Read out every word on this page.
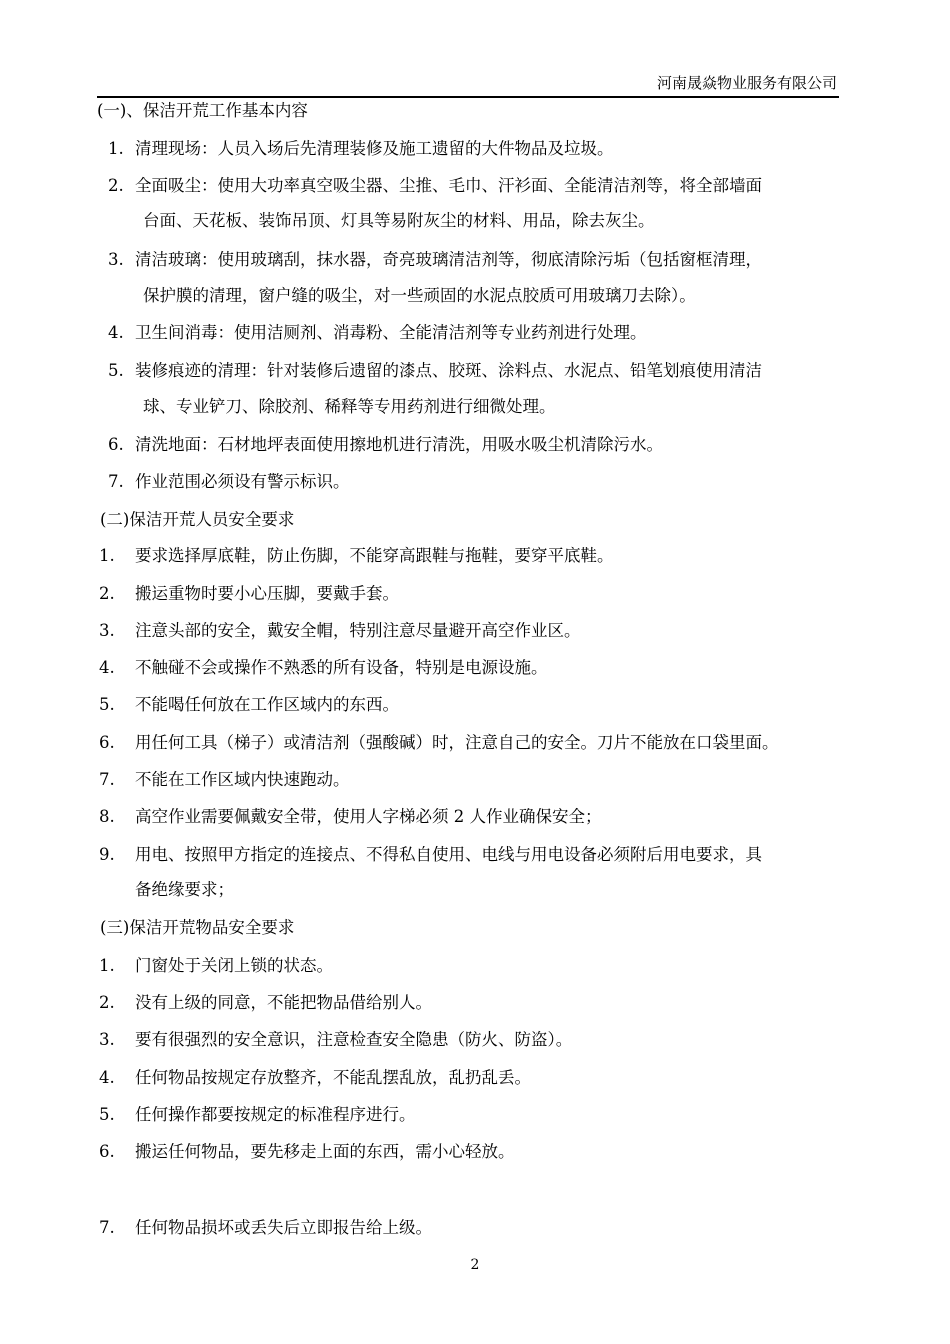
河南晟焱物业服务有限公司
(一)、保洁开荒工作基本内容
1. 清理现场：人员入场后先清理装修及施工遗留的大件物品及垃圾。
2. 全面吸尘：使用大功率真空吸尘器、尘推、毛巾、汗衫面、全能清洁剂等，将全部墙面
台面、天花板、装饰吊顶、灯具等易附灰尘的材料、用品，除去灰尘。
3. 清洁玻璃：使用玻璃刮，抹水器，奇亮玻璃清洁剂等，彻底清除污垢（包括窗框清理，
保护膜的清理，窗户缝的吸尘，对一些顽固的水泥点胶质可用玻璃刀去除）。
4. 卫生间消毒：使用洁厕剂、消毒粉、全能清洁剂等专业药剂进行处理。
5. 装修痕迹的清理：针对装修后遗留的漆点、胶斑、涂料点、水泥点、铅笔划痕使用清洁
球、专业铲刀、除胶剂、稀释等专用药剂进行细微处理。
6. 清洗地面：石材地坪表面使用擦地机进行清洗，用吸水吸尘机清除污水。
7. 作业范围必须设有警示标识。
(二)保洁开荒人员安全要求
1. 要求选择厚底鞋，防止伤脚，不能穿高跟鞋与拖鞋，要穿平底鞋。
2. 搬运重物时要小心压脚，要戴手套。
3. 注意头部的安全，戴安全帽，特别注意尽量避开高空作业区。
4. 不触碰不会或操作不熟悉的所有设备，特别是电源设施。
5. 不能喝任何放在工作区域内的东西。
6. 用任何工具（梯子）或清洁剂（强酸碱）时，注意自己的安全。刀片不能放在口袋里面。
7. 不能在工作区域内快速跑动。
8. 高空作业需要佩戴安全带，使用人字梯必须 2 人作业确保安全；
9. 用电、按照甲方指定的连接点、不得私自使用、电线与用电设备必须附后用电要求，具
备绝缘要求；
(三)保洁开荒物品安全要求
1. 门窗处于关闭上锁的状态。
2. 没有上级的同意，不能把物品借给别人。
3. 要有很强烈的安全意识，注意检查安全隐患（防火、防盗）。
4. 任何物品按规定存放整齐，不能乱摆乱放，乱扔乱丢。
5. 任何操作都要按规定的标准程序进行。
6. 搬运任何物品，要先移走上面的东西，需小心轻放。
7. 任何物品损坏或丢失后立即报告给上级。
2
